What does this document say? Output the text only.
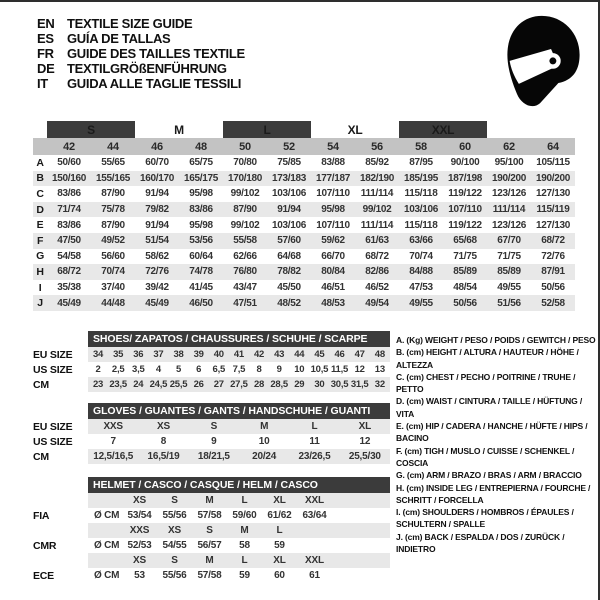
EN TEXTILE SIZE GUIDE
ES	GUÍA DE TALLAS
FR	GUIDE DES TAILLES TEXTILE
DE TEXTILGRÖßENFÜHRUNG
IT	GUIDA ALLE TAGLIE TESSILI
	S		M		L		XL		XXL			
	42	44	46	48	50	52	54	56	58	60	62	64
A	50/60	55/65	60/70	65/75	70/80	75/85	83/88	85/92	87/95	90/100	95/100	105/115
B	150/160	155/165	160/170	165/175	170/180	173/183	177/187	182/190	185/195	187/198	190/200	190/200
C	83/86	87/90	91/94	95/98	99/102	103/106	107/110	111/114	115/118	119/122	123/126	127/130
D	71/74	75/78	79/82	83/86	87/90	91/94	95/98	99/102	103/106	107/110	111/114	115/119
E	83/86	87/90	91/94	95/98	99/102	103/106	107/110	111/114	115/118	119/122	123/126	127/130
F	47/50	49/52	51/54	53/56	55/58	57/60	59/62	61/63	63/66	65/68	67/70	68/72
G	54/58	56/60	58/62	60/64	62/66	64/68	66/70	68/72	70/74	71/75	71/75	72/76
H	68/72	70/74	72/76	74/78	76/80	78/82	80/84	82/86	84/88	85/89	85/89	87/91
I	35/38	37/40	39/42	41/45	43/47	45/50	46/51	46/52	47/53	48/54	49/55	50/56
J	45/49	44/48	45/49	46/50	47/51	48/52	48/53	49/54	49/55	50/56	51/56	52/58
	SHOES/ ZAPATOS / CHAUSSURES / SCHUHE / SCARPE														
EU SIZE	34	35	36	37	38	39	40	41	42	43	44	45	46	47	48
US SIZE	2	2,5	3,5	4	5	6	6,5	7,5	8	9	10	10,5	11,5	12	13
CM	23	23,5	24	24,5	25,5	26	27	27,5	28	28,5	29	30	30,5	31,5	32
	GLOVES / GUANTES / GANTS / HANDSCHUHE / GUANTI					
EU SIZE	XXS	XS	S	M	L	XL
US SIZE	7	8	9	10	11	12
CM	12,5/16,5	16,5/19	18/21,5	20/24	23/26,5	25,5/30
	HELMET / CASCO / CASQUE / HELM / CASCO							
		XS	S	M	L	XL	XXL	
FIA	Ø CM	53/54	55/56	57/58	59/60	61/62	63/64	
		XXS	XS	S	M	L		
CMR	Ø CM	52/53	54/55	56/57	58	59		
		XS	S	M	L	XL	XXL	
ECE	Ø CM	53	55/56	57/58	59	60	61	
A. (Kg) WEIGHT / PESO / POIDS / GEWITCH / PESO
B. (cm) HEIGHT / ALTURA / HAUTEUR / HÖHE / ALTEZZA
C. (cm) CHEST / PECHO / POITRINE / TRUHE / PETTO
D. (cm) WAIST / CINTURA / TAILLE / HÜFTUNG / VITA
E. (cm) HIP / CADERA / HANCHE / HÜFTE / HIPS / BACINO
F. (cm) TIGH / MUSLO / CUISSE / SCHENKEL / COSCIA
G. (cm) ARM / BRAZO / BRAS / ARM / BRACCIO
H. (cm) INSIDE LEG / ENTREPIERNA / FOURCHE / SCHRITT / FORCELLA
I. (cm) SHOULDERS / HOMBROS / ÉPAULES / SCHULTERN / SPALLE
J. (cm) BACK / ESPALDA / DOS / ZURÜCK / INDIETRO
